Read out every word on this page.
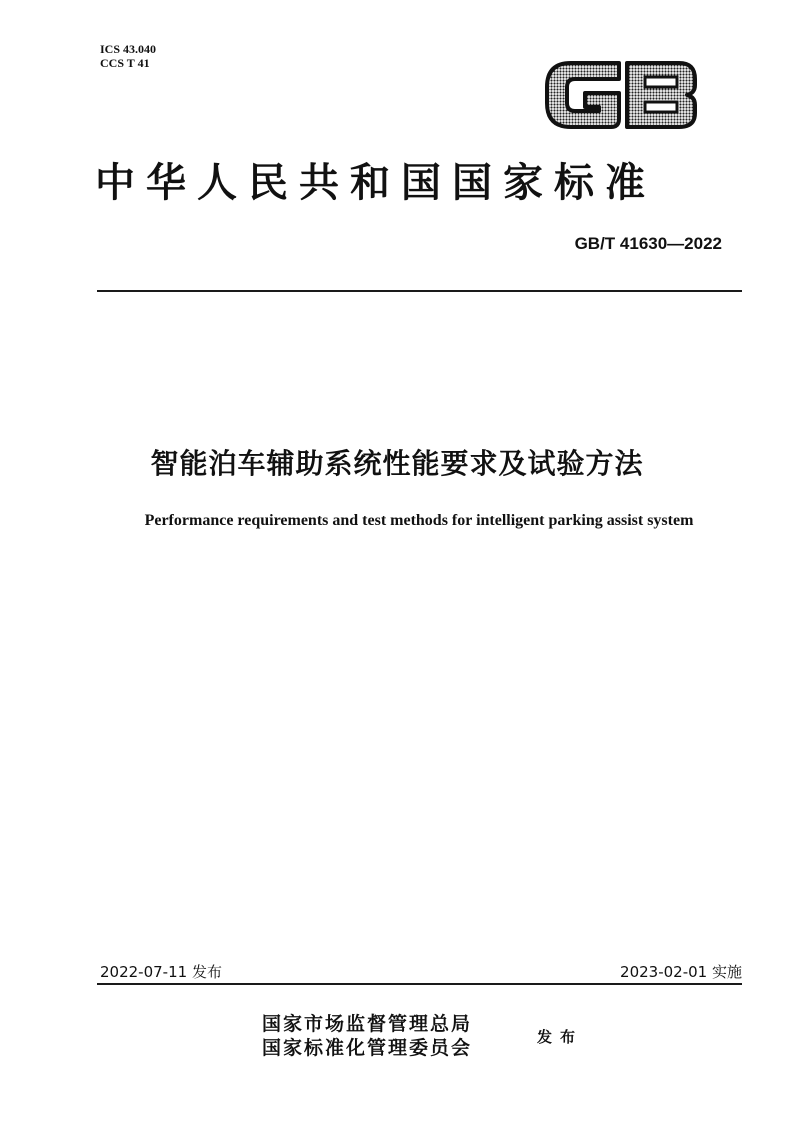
ICS 43.040
CCS T 41
中华人民共和国国家标准
GB/T 41630—2022
智能泊车辅助系统性能要求及试验方法
Performance requirements and test methods for intelligent parking assist system
2022-07-11 发布	2023-02-01 实施
国家市场监督管理总局
国家标准化管理委员会	发布
